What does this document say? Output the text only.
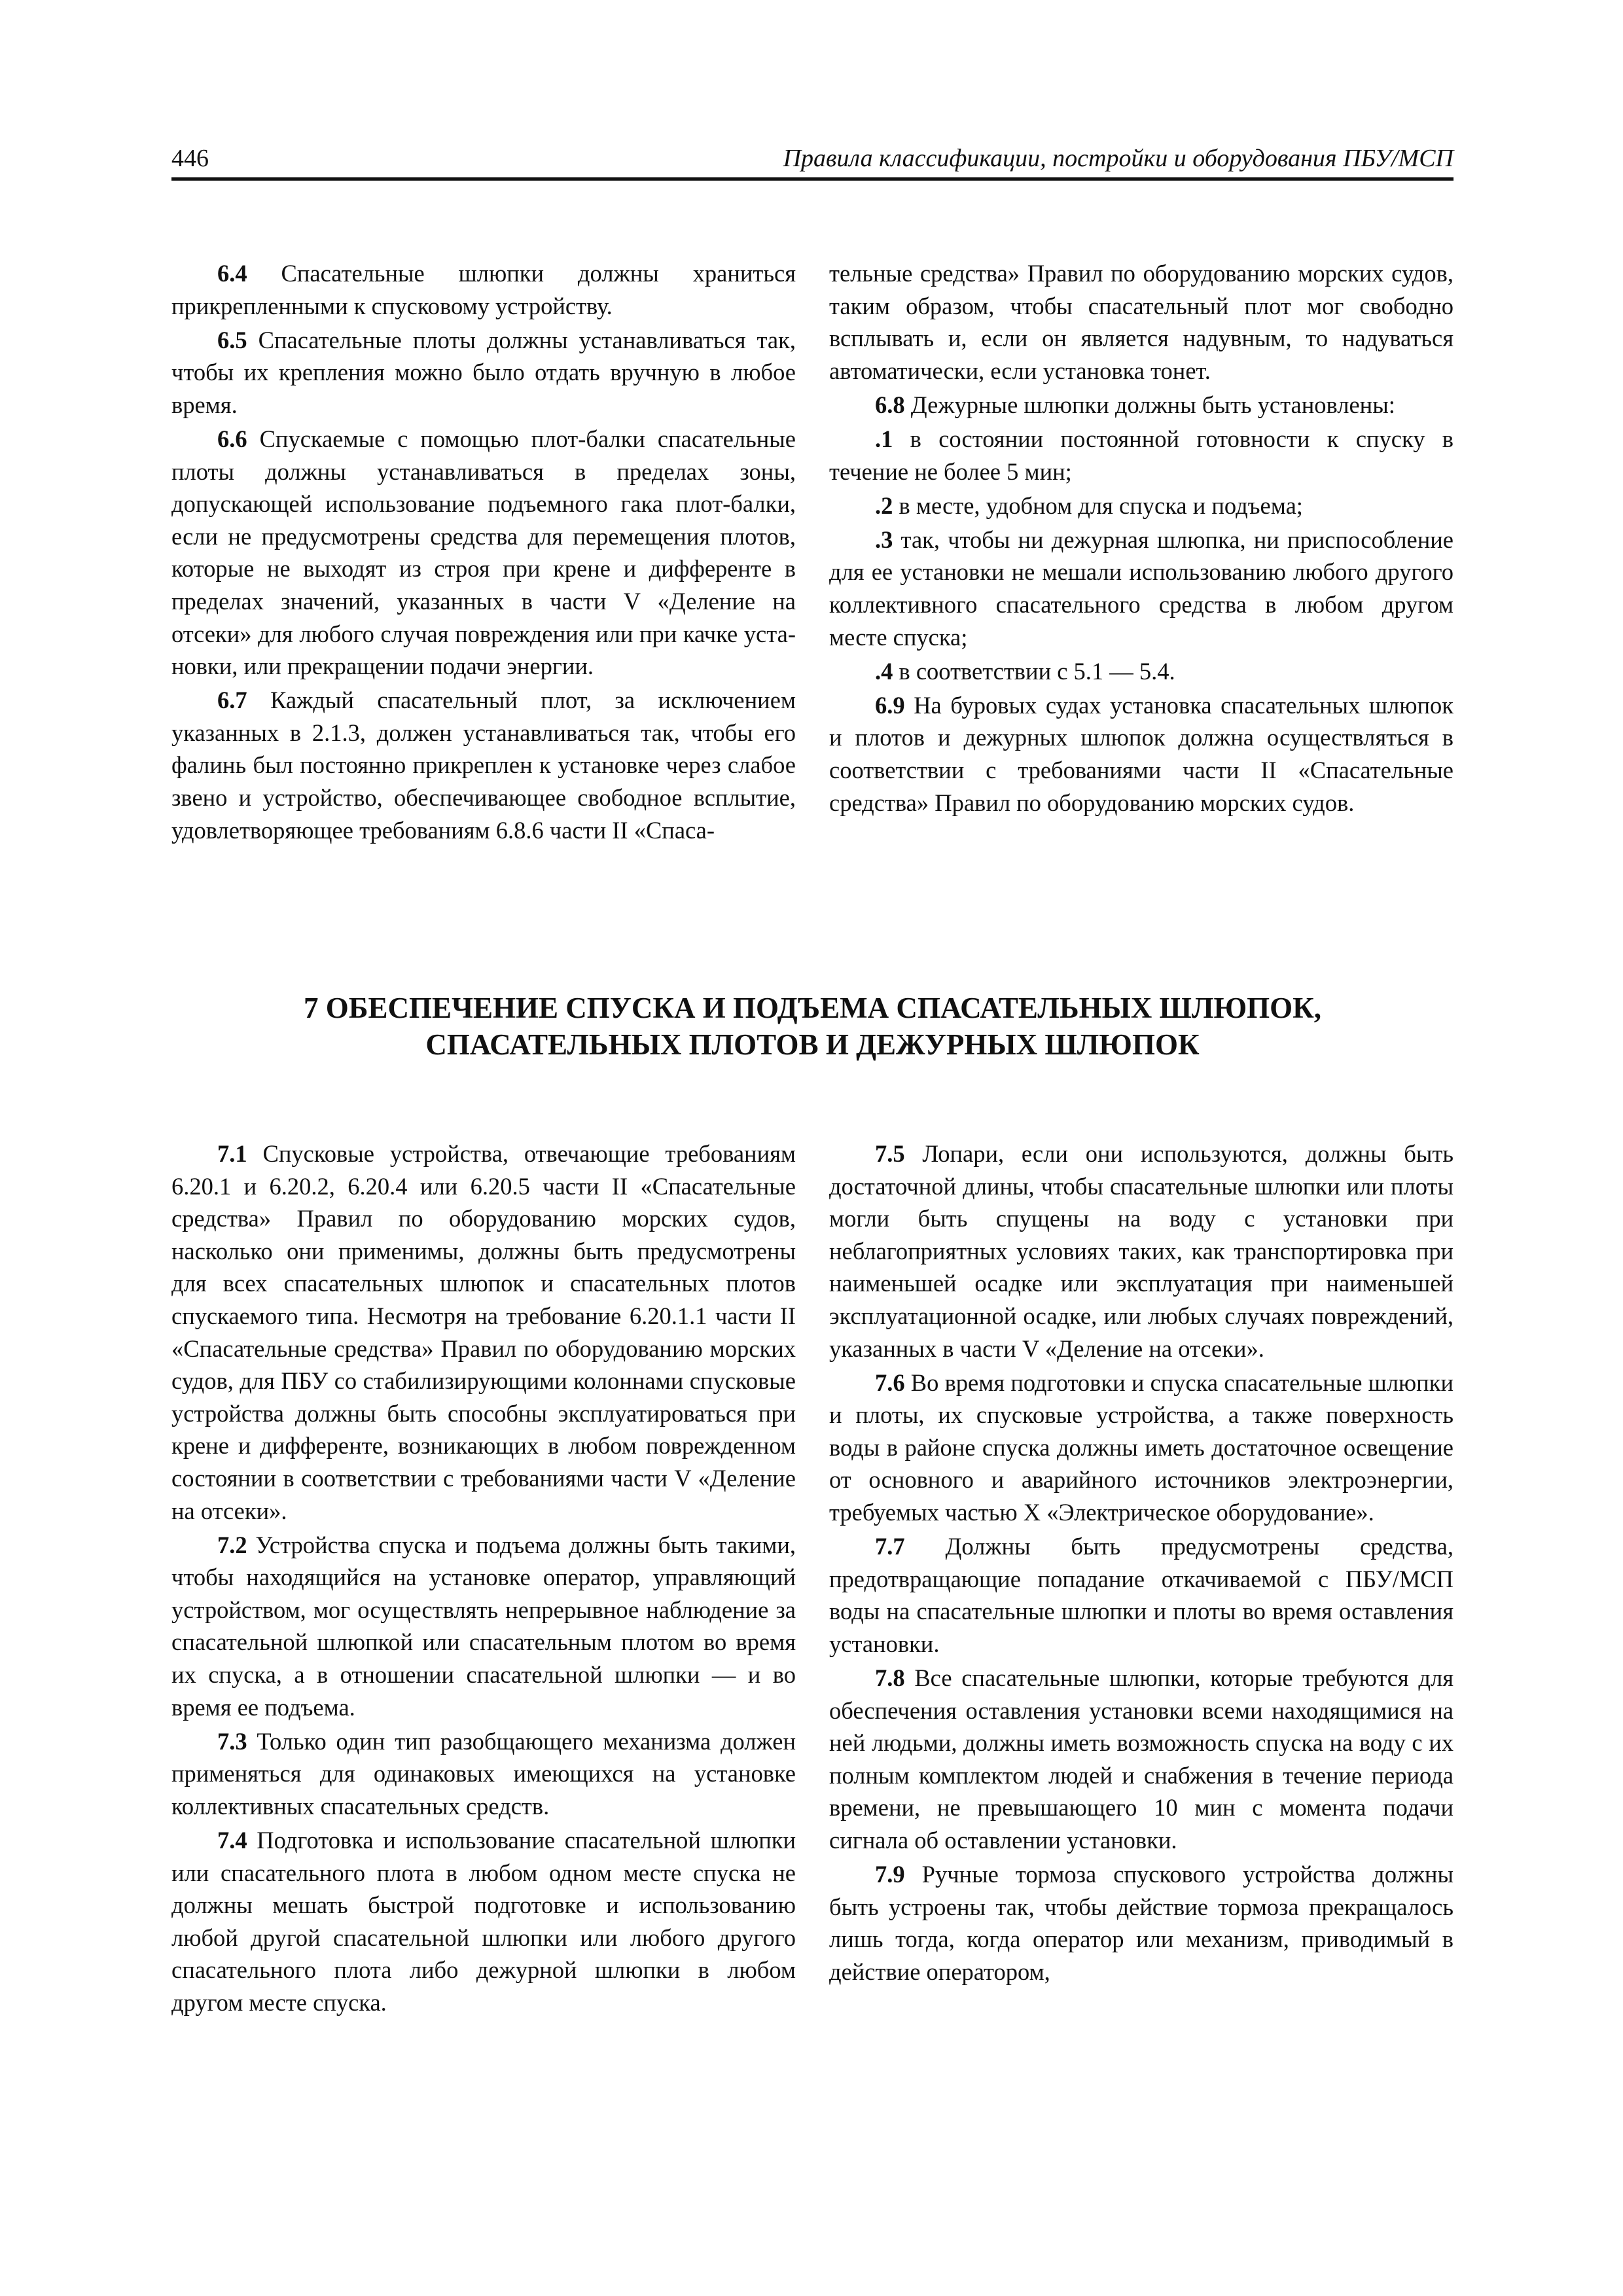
446	Правила классификации, постройки и оборудования ПБУ/МСП

6.4 Спасательные шлюпки должны храниться прикрепленными к спусковому устройству.

6.5 Спасательные плоты должны устанавливаться так, чтобы их крепления можно было отдать вручную в любое время.

6.6 Спускаемые с помощью плот-балки спасательные плоты должны устанавливаться в пределах зоны, допускающей использование подъемного гака плот-балки, если не предусмотрены средства для перемещения плотов, которые не выходят из строя при крене и дифференте в пределах значений, указанных в части V «Деление на отсеки» для любого случая повреждения или при качке установки, или прекращении подачи энергии.

6.7 Каждый спасательный плот, за исключением указанных в 2.1.3, должен устанавливаться так, чтобы его фалинь был постоянно прикреплен к установке через слабое звено и устройство, обеспечивающее свободное всплытие, удовлетворяющее требованиям 6.8.6 части II «Спаса-

тельные средства» Правил по оборудованию морских судов, таким образом, чтобы спасательный плот мог свободно всплывать и, если он является надувным, то надуваться автоматически, если установка тонет.

6.8 Дежурные шлюпки должны быть установлены:

.1 в состоянии постоянной готовности к спуску в течение не более 5 мин;

.2 в месте, удобном для спуска и подъема;

.3 так, чтобы ни дежурная шлюпка, ни приспособление для ее установки не мешали использованию любого другого коллективного спасательного средства в любом другом месте спуска;

.4 в соответствии с 5.1 — 5.4.

6.9 На буровых судах установка спасательных шлюпок и плотов и дежурных шлюпок должна осуществляться в соответствии с требованиями части II «Спасательные средства» Правил по оборудованию морских судов.

7 ОБЕСПЕЧЕНИЕ СПУСКА И ПОДЪЕМА СПАСАТЕЛЬНЫХ ШЛЮПОК,
СПАСАТЕЛЬНЫХ ПЛОТОВ И ДЕЖУРНЫХ ШЛЮПОК

7.1 Спусковые устройства, отвечающие требованиям 6.20.1 и 6.20.2, 6.20.4 или 6.20.5 части II «Спасательные средства» Правил по оборудованию морских судов, насколько они применимы, должны быть предусмотрены для всех спасательных шлюпок и спасательных плотов спускаемого типа. Несмотря на требование 6.20.1.1 части II «Спасательные средства» Правил по оборудованию морских судов, для ПБУ со стабилизирующими колоннами спусковые устройства должны быть способны эксплуатироваться при крене и дифференте, возникающих в любом поврежденном состоянии в соответствии с требованиями части V «Деление на отсеки».

7.2 Устройства спуска и подъема должны быть такими, чтобы находящийся на установке оператор, управляющий устройством, мог осуществлять непрерывное наблюдение за спасательной шлюпкой или спасательным плотом во время их спуска, а в отношении спасательной шлюпки — и во время ее подъема.

7.3 Только один тип разобщающего механизма должен применяться для одинаковых имеющихся на установке коллективных спасательных средств.

7.4 Подготовка и использование спасательной шлюпки или спасательного плота в любом одном месте спуска не должны мешать быстрой подготовке и использованию любой другой спасательной шлюпки или любого другого спасательного плота либо дежурной шлюпки в любом другом месте спуска.

7.5 Лопари, если они используются, должны быть достаточной длины, чтобы спасательные шлюпки или плоты могли быть спущены на воду с установки при неблагоприятных условиях таких, как транспортировка при наименьшей осадке или эксплуатация при наименьшей эксплуатационной осадке, или любых случаях повреждений, указанных в части V «Деление на отсеки».

7.6 Во время подготовки и спуска спасательные шлюпки и плоты, их спусковые устройства, а также поверхность воды в районе спуска должны иметь достаточное освещение от основного и аварийного источников электроэнергии, требуемых частью X «Электрическое оборудование».

7.7 Должны быть предусмотрены средства, предотвращающие попадание откачиваемой с ПБУ/МСП воды на спасательные шлюпки и плоты во время оставления установки.

7.8 Все спасательные шлюпки, которые требуются для обеспечения оставления установки всеми находящимися на ней людьми, должны иметь возможность спуска на воду с их полным комплектом людей и снабжения в течение периода времени, не превышающего 10 мин с момента подачи сигнала об оставлении установки.

7.9 Ручные тормоза спускового устройства должны быть устроены так, чтобы действие тормоза прекращалось лишь тогда, когда оператор или механизм, приводимый в действие оператором,
